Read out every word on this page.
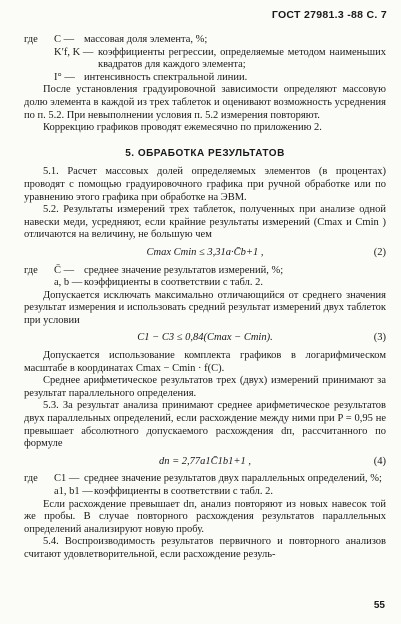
ГОСТ 27981.3 -88 С. 7
где	C — массовая доля элемента, %;
K′f, K — коэффициенты регрессии, определяемые методом наименьших квадратов для каждого элемента;
I° — интенсивность спектральной линии.

После установления градуировочной зависимости определяют массовую долю элемента в каждой из трех таблеток и оценивают возможность усреднения по п. 5.2. При невыполнении условия п. 5.2 измерения повторяют.

Коррекцию графиков проводят ежемесячно по приложению 2.

5. ОБРАБОТКА РЕЗУЛЬТАТОВ

5.1. Расчет массовых долей определяемых элементов (в процентах) проводят с помощью градуировочного графика при ручной обработке или по уравнению этого графика при обработке на ЭВМ.

5.2. Результаты измерений трех таблеток, полученных при анализе одной навески меди, усредняют, если крайние результаты измерений (Cmax и Cmin ) отличаются на величину, не большую чем

Cmax Cmin ≤ 3,31a·C̄b+1 ,	(2)
где	C̄ — среднее значение результатов измерений, %;
a, b — коэффициенты в соответствии с табл. 2.

Допускается исключать максимально отличающийся от среднего значения результат измерения и использовать средний результат измерений двух таблеток при условии

C1 − C3 ≤ 0,84(Cmax − Cmin).	(3)

Допускается использование комплекта графиков в логарифмическом масштабе в координатах Cmax − Cmin · f(C).

Среднее арифметическое результатов трех (двух) измерений принимают за результат параллельного определения.

5.3. За результат анализа принимают среднее арифметическое результатов двух параллельных определений, если расхождение между ними при P = 0,95 не превышает абсолютного допускаемого расхождения dп, рассчитанного по формуле

dп = 2,77a1C̄1b1+1 ,	(4)
где	C1 — среднее значение результатов двух параллельных определений, %;
a1, b1 — коэффициенты в соответствии с табл. 2.

Если расхождение превышает dп, анализ повторяют из новых навесок той же пробы. В случае повторного расхождения результатов параллельных определений анализируют новую пробу.

5.4. Воспроизводимость результатов первичного и повторного анализов считают удовлетворительной, если расхождение резуль-

55
